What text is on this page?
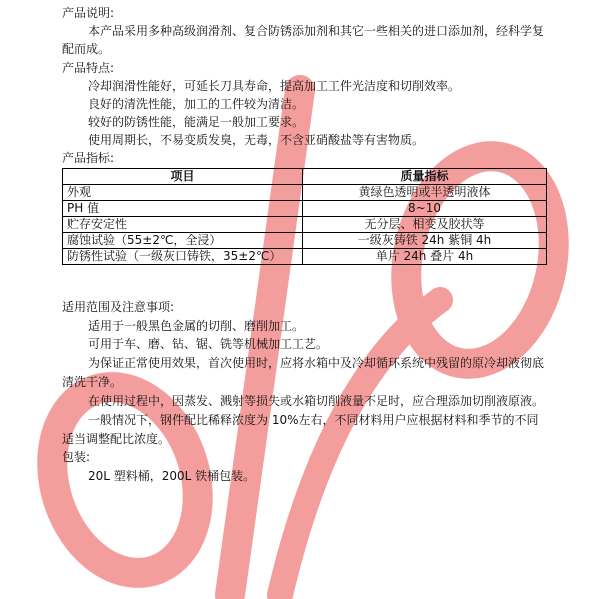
产品说明:
本产品采用多种高级润滑剂、复合防锈添加剂和其它一些相关的进口添加剂，经科学复
配而成。
产品特点:
冷却润滑性能好，可延长刀具寿命，提高加工工件光洁度和切削效率。
良好的清洗性能，加工的工件较为清洁。
较好的防锈性能，能满足一般加工要求。
使用周期长，不易变质发臭，无毒，不含亚硝酸盐等有害物质。
产品指标:
项目	质量指标
外观	黄绿色透明或半透明液体
PH 值	8~10
贮存安定性	无分层、相变及胶状等
腐蚀试验（55±2℃，全浸）	一级灰铸铁 24h 紫铜 4h
防锈性试验（一级灰口铸铁，35±2℃）	单片 24h 叠片 4h
适用范围及注意事项:
适用于一般黑色金属的切削、磨削加工。
可用于车、磨、钻、锯、铣等机械加工工艺。
为保证正常使用效果，首次使用时，应将水箱中及冷却循环系统中残留的原冷却液彻底
清洗干净。
在使用过程中，因蒸发、溅射等损失或水箱切削液量不足时，应合理添加切削液原液。
一般情况下，钢件配比稀释浓度为 10%左右，不同材料用户应根据材料和季节的不同
适当调整配比浓度。
包装:
20L 塑料桶，200L 铁桶包装。
